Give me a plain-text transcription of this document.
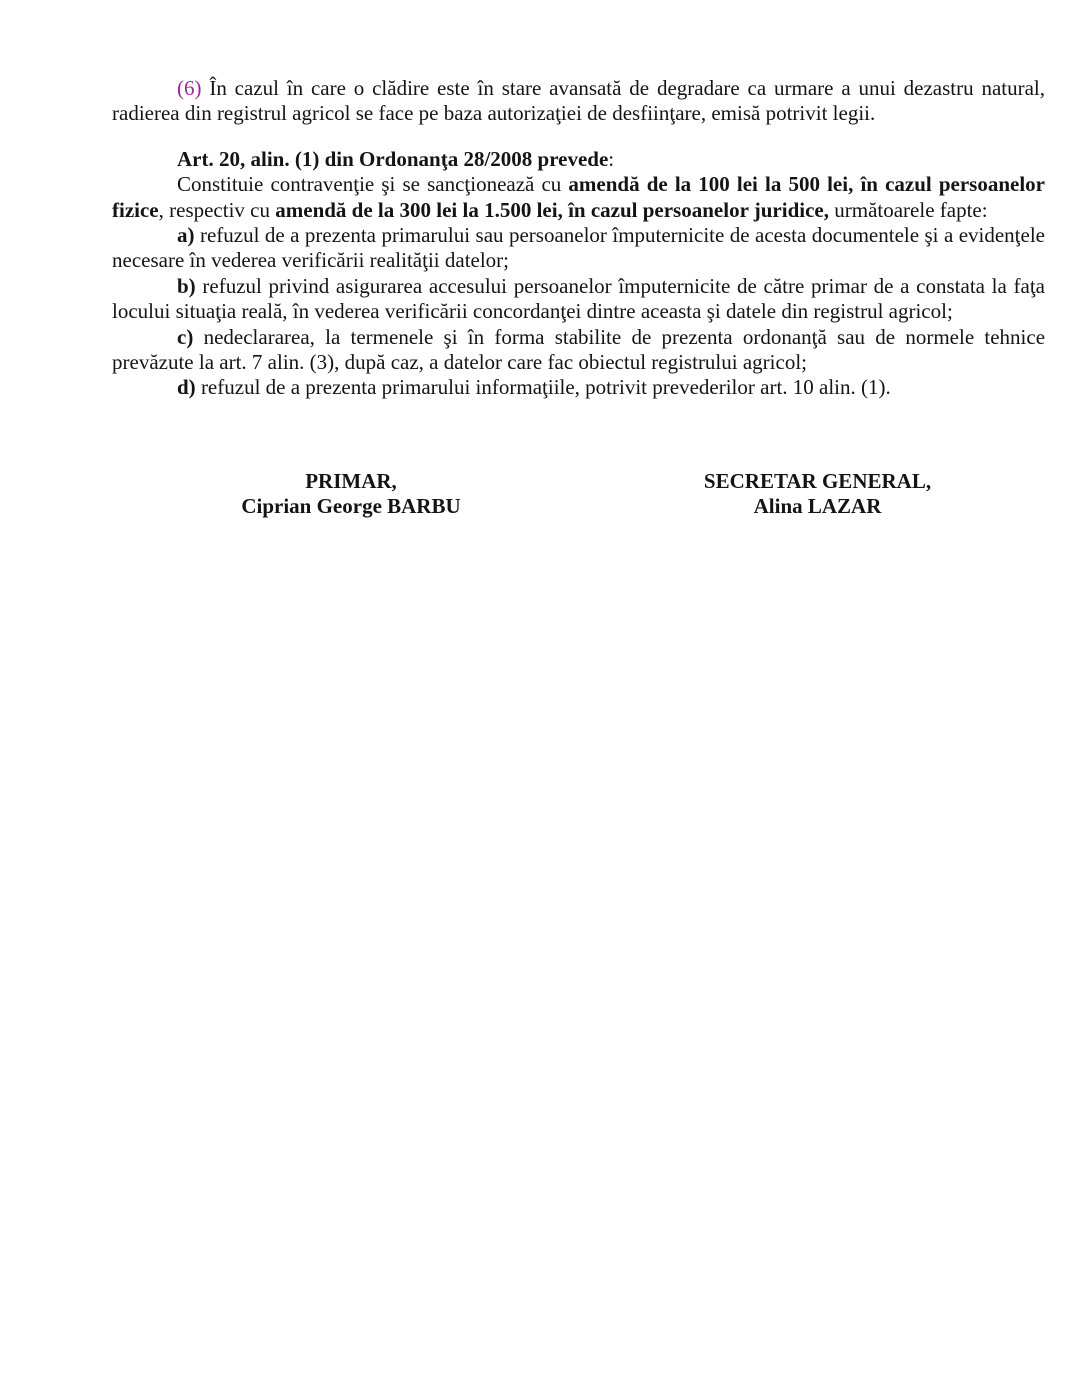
(6) În cazul în care o clădire este în stare avansată de degradare ca urmare a unui dezastru natural, radierea din registrul agricol se face pe baza autorizaţiei de desfiinţare, emisă potrivit legii.

Art. 20, alin. (1) din Ordonanţa 28/2008 prevede:

Constituie contravenţie şi se sancţionează cu amendă de la 100 lei la 500 lei, în cazul persoanelor fizice, respectiv cu amendă de la 300 lei la 1.500 lei, în cazul persoanelor juridice, următoarele fapte:

a) refuzul de a prezenta primarului sau persoanelor împuternicite de acesta documentele şi a evidenţele necesare în vederea verificării realităţii datelor;

b) refuzul privind asigurarea accesului persoanelor împuternicite de către primar de a constata la faţa locului situaţia reală, în vederea verificării concordanţei dintre aceasta şi datele din registrul agricol;

c) nedeclararea, la termenele şi în forma stabilite de prezenta ordonanţă sau de normele tehnice prevăzute la art. 7 alin. (3), după caz, a datelor care fac obiectul registrului agricol;

d) refuzul de a prezenta primarului informaţiile, potrivit prevederilor art. 10 alin. (1).

PRIMAR,
Ciprian George BARBU
SECRETAR GENERAL,
Alina LAZAR
